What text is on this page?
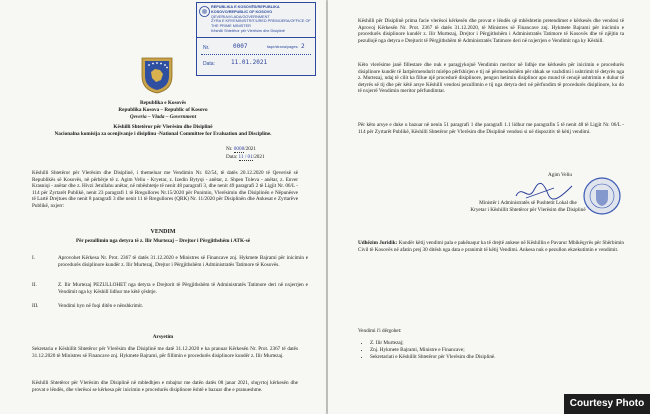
REPUBLIKA E KOSOVËS/REPUBLIKA KOSOVO/REPUBLIC OF KOSOVO
QEVERIA/VLADA/GOVERNMENT
ZYRA E KRYEMINISTRIT/URED PREMIJERA/OFFICE OF THE PRIME MINISTER
Këshilli Shtetëror për Vlerësim dhe Disiplinë
Nr.	0007	faqe/strana/pages: 2
Data:	11.01.2021
Republika e Kosovës
Republika Kosova – Republic of Kosovo
Qeveria – Vlada – Government
Këshilli Shtetëror për Vlerësim dhe Disiplinë
Nacionalna komisija za ocenjivanje i disiplinu -National Committee for Evaluation and Discipline.
Nr. 0008/2021
Data: 11 / 01/2021
Këshilli Shtetëror për Vlerësim dhe Disiplinë, i themeluar me Vendimin Nr. 02/54, të datës 20.12.2020 të Qeverisë së Republikës së Kosovës, në përbërje të z. Agim Veliu - Kryetar, z. Izedin Bytyqi - anëtar, z. Shpen Toleva - anëtar, z. Enver Krasniqi - anëtar dhe z. Hivzi Jetullahu anëtar, në mbështetje të nenit 48 paragrafi 3, dhe nenit 49 paragrafi 2 të Ligjit Nr. 06/L - 114 për Zyrtarët Publikë, nenit 23 paragrafi 1 të Rregullores Nr.15/2020 për Punimin, Vlerësimin dhe Disiplinën e Nëpunësve të Lartë Drejtues dhe nenit 8 paragrafi 3 dhe nenit 11 të Rregullores (QRK) Nr. 11/2020 për Disiplinën dhe Ankesat e Zyrtarëve Publikë, nxjerr:
VENDIM
Për pezullimin nga detyra të z. Ilir Murtezaj – Drejtor i Përgjithshëm i ATK-së
I.	Aprovohet Kërkesa Nr. Prot. 2367 të datës 31.12.2020 e Ministres së Financave znj. Hykmete Bajrami për inicimin e procedurës disiplinore kundër z. Ilir Murtezaj, Drejtor i Përgjithshëm i Administratës Tatimore të Kosovës.
II.	Z. Ilir Murtezaj PEZULLOHET nga detyra e Drejtorit të Përgjithshëm të Administratës Tatimore deri në nxjerrjen e Vendimit nga ky Këshill lidhur me këtë çështje.
III.	Vendimi hyn në fuqi ditën e nënshkrimit.
Arsyetim
Sekretaria e Këshillit Shtetëror për Vlerësim dhe Disiplinë me datë 31.12.2020 e ka pranuar Kërkesën Nr. Prot. 2367 të datës 31.12.2020 të Ministres së Financave znj. Hykmete Bajrami, për fillimin e procedurës disiplinore kundër z. Ilir Murtezaj.
Këshilli Shtetëror për Vlerësim dhe Disiplinë në mbledhjen e mbajtur me datën datës 08 janar 2021, shqyrtoj kërkesën dhe provat e lëndës, dhe vlerësoi se kërkesa për inicimin e procedurës disiplinore është e bazuar dhe e pranueshme.
Këshilli për Disiplinë prima facie vlerësoi kërkesën dhe provat e lëndës që mbështetin pretendimet e kërkesës dhe vendosi të Aprovoj Kërkesën Nr. Prot. 2367 të datës 31.12.2020, të Ministres së Financave znj. Hykmete Bajrami për inicimin e procedurës disiplinore kundër z. Ilir Murtezaj, Drejtor i Përgjithshëm i Administratës Tatimore të Kosovës dhe të njëjtin ta pezullojë nga detyra e Drejtorit të Përgjithshëm të Administratës Tatimore deri në nxjerrjen e Vendimit nga ky Këshill.
Këto vlerësime janë fillestare dhe nuk e paragjykojnë Vendimin meritor në lidhje me kërkesën për inicimin e procedurës disiplinore kundër të Iartpërmendurit mirëpo përfshirjen e tij në përmendoshëm për shkak se vazhdimi i ushtrimit të detyrës nga z. Murtezaj, ndaj të cilit ka fillue një procedurë disiplinore, pengon hetimin disiplinor apo mund të cenojë ushtrimin e duhur të detyrës së tij dhe për këtë arsye Këshilli vendosi pezullimin e tij nga detyra deri në përfundim të procedurës disiplinore, ku do të nxjerrë Vendimin meritor përfundimtar.
Për këto arsye e duke u bazuar në nenin 51 paragrafi 1 dhe paragrafi 1.1 lidhur me paragrafin 5 të nenit 48 të Ligjit Nr. 06/L - 114 për Zyrtarët Publikë, Këshilli Shtetëror për Vlerësim dhe Disiplinë vendosi si në dispozitiv të këtij vendimi.
Agim Veliu
Ministër i Administratës së Pushtetit Lokal dhe
Kryetar i Këshillit Shtetëror për Vlerësim dhe Disiplinë
Udhëzim Juridik: Kundër këtij vendimi pala e pakënaqur ka të drejtë ankese në Këshillin e Pavarur Mbikëqyrës për Shërbimin Civil të Kosovës në afatin prej 30 ditësh nga data e pranimit të këtij Vendimi. Ankesa nuk e pezullon ekzekutimin e vendimit.
Vendimi i'i dërgohet:
• Z. Ilir Murtezaj;
• Znj. Hykmete Bajrami, Ministre e Financave;
• Sekretariati e Këshillit Shtetëror për Vlerësim dhe Disiplinë.
Courtesy Photo
